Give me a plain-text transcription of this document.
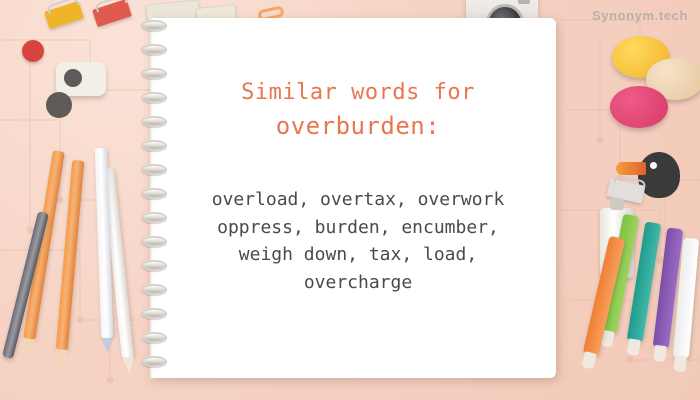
Similar words for
overburden:
overload, overtax, overwork
oppress, burden, encumber,
weigh down, tax, load,
overcharge
Synonym.tech
